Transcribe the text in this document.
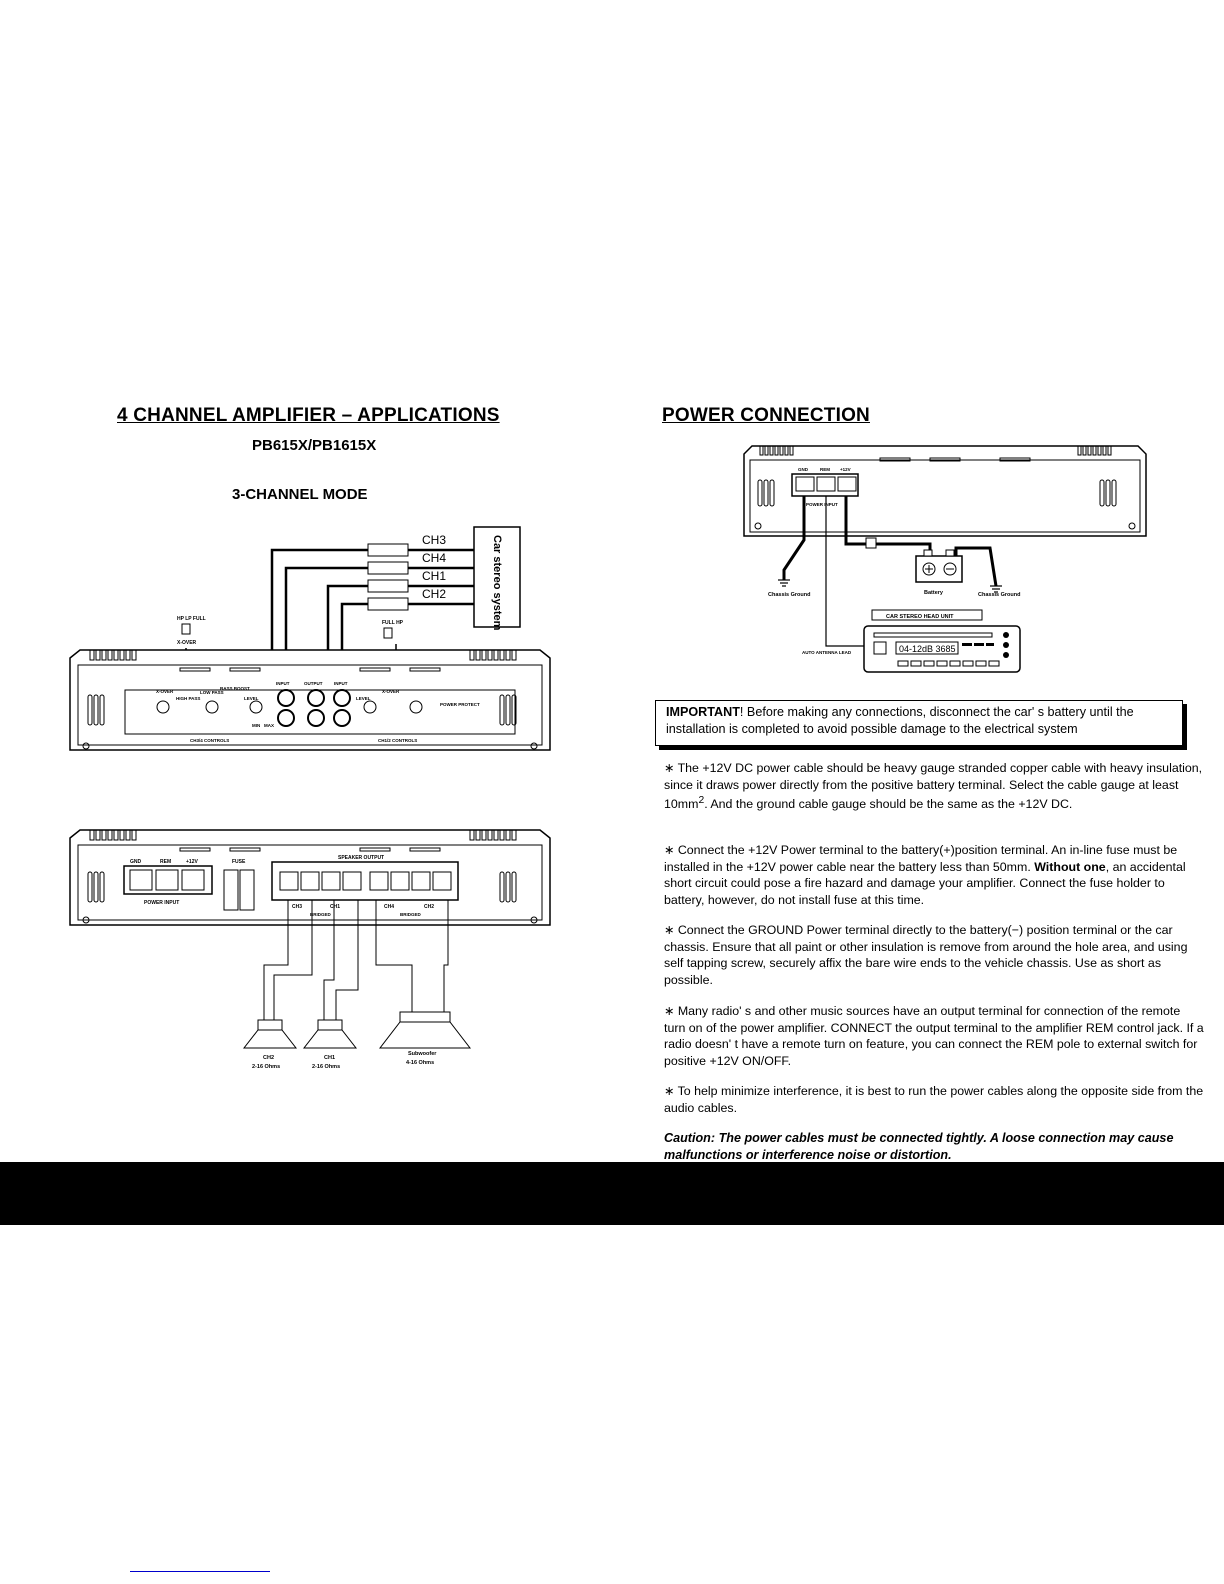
4 CHANNEL AMPLIFIER – APPLICATIONS
PB615X/PB1615X
3-CHANNEL MODE
Car stereo system
CH3
CH4
CH1
CH2
HP LP FULL
X-OVER
FULL HP
X-OVER
HIGH PASS
LOW PASS
BASS BOOST
LEVEL
INPUT	OUTPUT	INPUT
LEVEL
X-OVER
MIN MAX
POWER PROTECT
CH3/4 CONTROLS	CH1/2 CONTROLS
GND	REM	+12V
POWER INPUT
FUSE
SPEAKER OUTPUT
CH3	CH1	CH4	CH2
BRIDGED	BRIDGED
CH2
2-16 Ohms
CH1
2-16 Ohms
Subwoofer
4-16 Ohms
POWER CONNECTION
GND	REM +12V
POWER INPUT
Chassis Ground	Chassis Ground
Battery
CAR STEREO HEAD UNIT
04-12dB 3685
AUTO ANTENNA LEAD
IMPORTANT! Before making any connections, disconnect the car' s battery until the installation is completed to avoid possible damage to the electrical system
∗ The +12V DC power cable should be heavy gauge stranded copper cable with heavy insulation, since it draws power directly from the positive battery terminal. Select the cable gauge at least $10mm^2$. And the ground cable gauge should be the same as the +12V DC.
∗ Connect the +12V Power terminal to the battery(+)position terminal. An in-line fuse must be installed in the +12V power cable near the battery less than 50mm. Without one, an accidental short circuit could pose a fire hazard and damage your amplifier. Connect the fuse holder to battery, however, do not install fuse at this time.
∗ Connect the GROUND Power terminal directly to the battery(−) position terminal or the car chassis. Ensure that all paint or other insulation is remove from around the hole area, and using self tapping screw, securely affix the bare wire ends to the vehicle chassis. Use as short as possible.
∗ Many radio' s and other music sources have an output terminal for connection of the remote turn on of the power amplifier. CONNECT the output terminal to the amplifier REM control jack. If a radio doesn' t have a remote turn on feature, you can connect the REM pole to external switch for positive +12V ON/OFF.
∗ To help minimize interference, it is best to run the power cables along the opposite side from the audio cables.
Caution: The power cables must be connected tightly. A loose connection may cause malfunctions or interference noise or distortion.
